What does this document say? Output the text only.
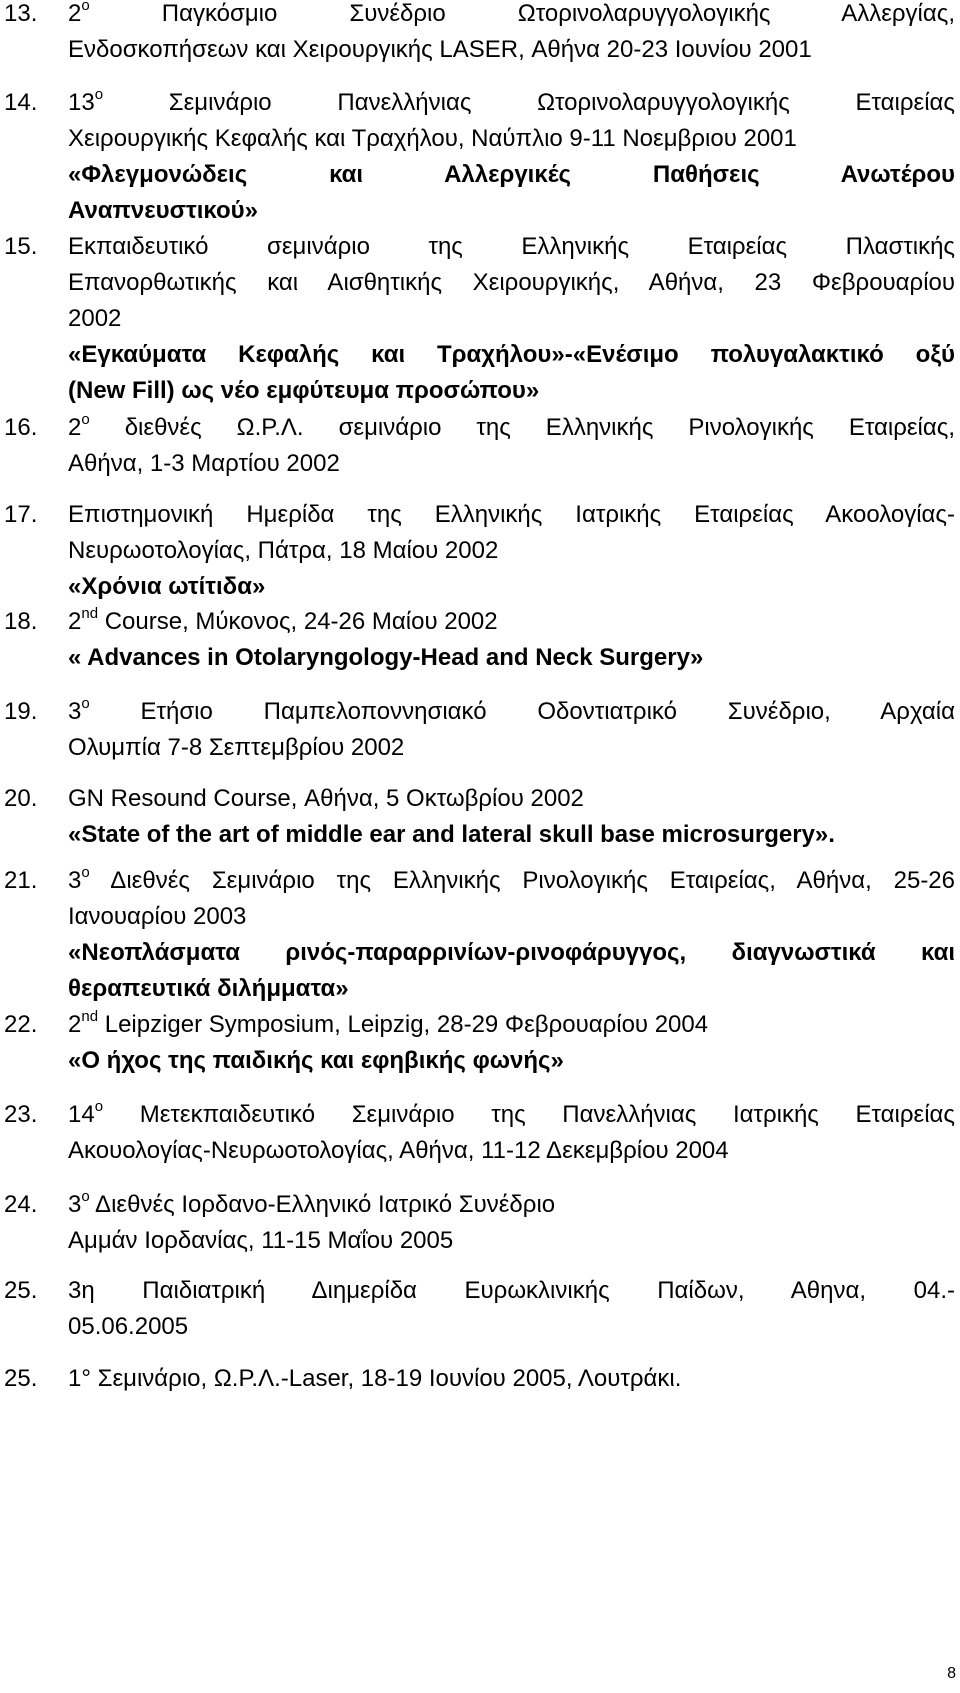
13. $2^o$	Παγκόσμιο Συνέδριο Ωτορινολαρυγγολογικής Αλλεργίας,
Ενδοσκοπήσεων και Χειρουργικής LASER, Αθήνα 20-23 Ιουνίου 2001
14. $13^o$	Σεμινάριο Πανελλήνιας Ωτορινολαρυγγολογικής Εταιρείας
Χειρουργικής Κεφαλής και Τραχήλου, Ναύπλιο 9-11 Νοεμβριου 2001
«Φλεγμονώδεις και Αλλεργικές Παθήσεις Ανωτέρου
Αναπνευστικού»
15. Εκπαιδευτικό σεμινάριο της Ελληνικής Εταιρείας Πλαστικής
Επανορθωτικής και Αισθητικής Χειρουργικής, Αθήνα, 23 Φεβρουαρίου
2002
«Εγκαύματα Κεφαλής και Τραχήλου»-«Ενέσιμο πολυγαλακτικό οξύ
(New Fill) ως νέο εμφύτευμα προσώπου»
16. $2^o$ διεθνές Ω.Ρ.Λ. σεμινάριο της Ελληνικής Ρινολογικής Εταιρείας,
Αθήνα, 1-3 Μαρτίου 2002
17. Επιστημονική Ημερίδα της Ελληνικής Ιατρικής Εταιρείας Ακοολογίας-
Νευρωοτολογίας, Πάτρα, 18 Μαίου 2002
«Χρόνια ωτίτιδα»
18. 2nd Course, Μύκονος, 24-26 Μαίου 2002
« Advances in Otolaryngology-Head and Neck Surgery»
19. $3^o$ Ετήσιο Παμπελοποννησιακό Οδοντιατρικό Συνέδριο, Αρχαία
Ολυμπία 7-8 Σεπτεμβρίου 2002
20. GN Resound Course, Αθήνα, 5 Οκτωβρίου 2002
«State of the art of middle ear and lateral skull base microsurgery».
21. $3^o$ Διεθνές Σεμινάριο της Ελληνικής Ρινολογικής Εταιρείας, Αθήνα, 25-26
Ιανουαρίου 2003
«Νεοπλάσματα ρινός-παραρρινίων-ρινοφάρυγγος, διαγνωστικά και
θεραπευτικά διλήμματα»
22. 2nd Leipziger Symposium, Leipzig, 28-29 Φεβρουαρίου 2004
«Ο ήχος της παιδικής και εφηβικής φωνής»
23. $14^o$ Μετεκπαιδευτικό Σεμινάριο της Πανελλήνιας Ιατρικής Εταιρείας
Ακουολογίας-Νευρωοτολογίας, Αθήνα, 11-12 Δεκεμβρίου 2004
24. $3^o$ Διεθνές Ιορδανο-Ελληνικό Ιατρικό Συνέδριο
Αμμάν Ιορδανίας, 11-15 Μαΐου 2005
25. 3η Παιδιατρική Διημερίδα Ευρωκλινικής Παίδων, Αθηνα, 04.-
05.06.2005
25. 1° Σεμινάριο, Ω.Ρ.Λ.-Laser, 18-19 Ιουνίου 2005, Λουτράκι.
8
